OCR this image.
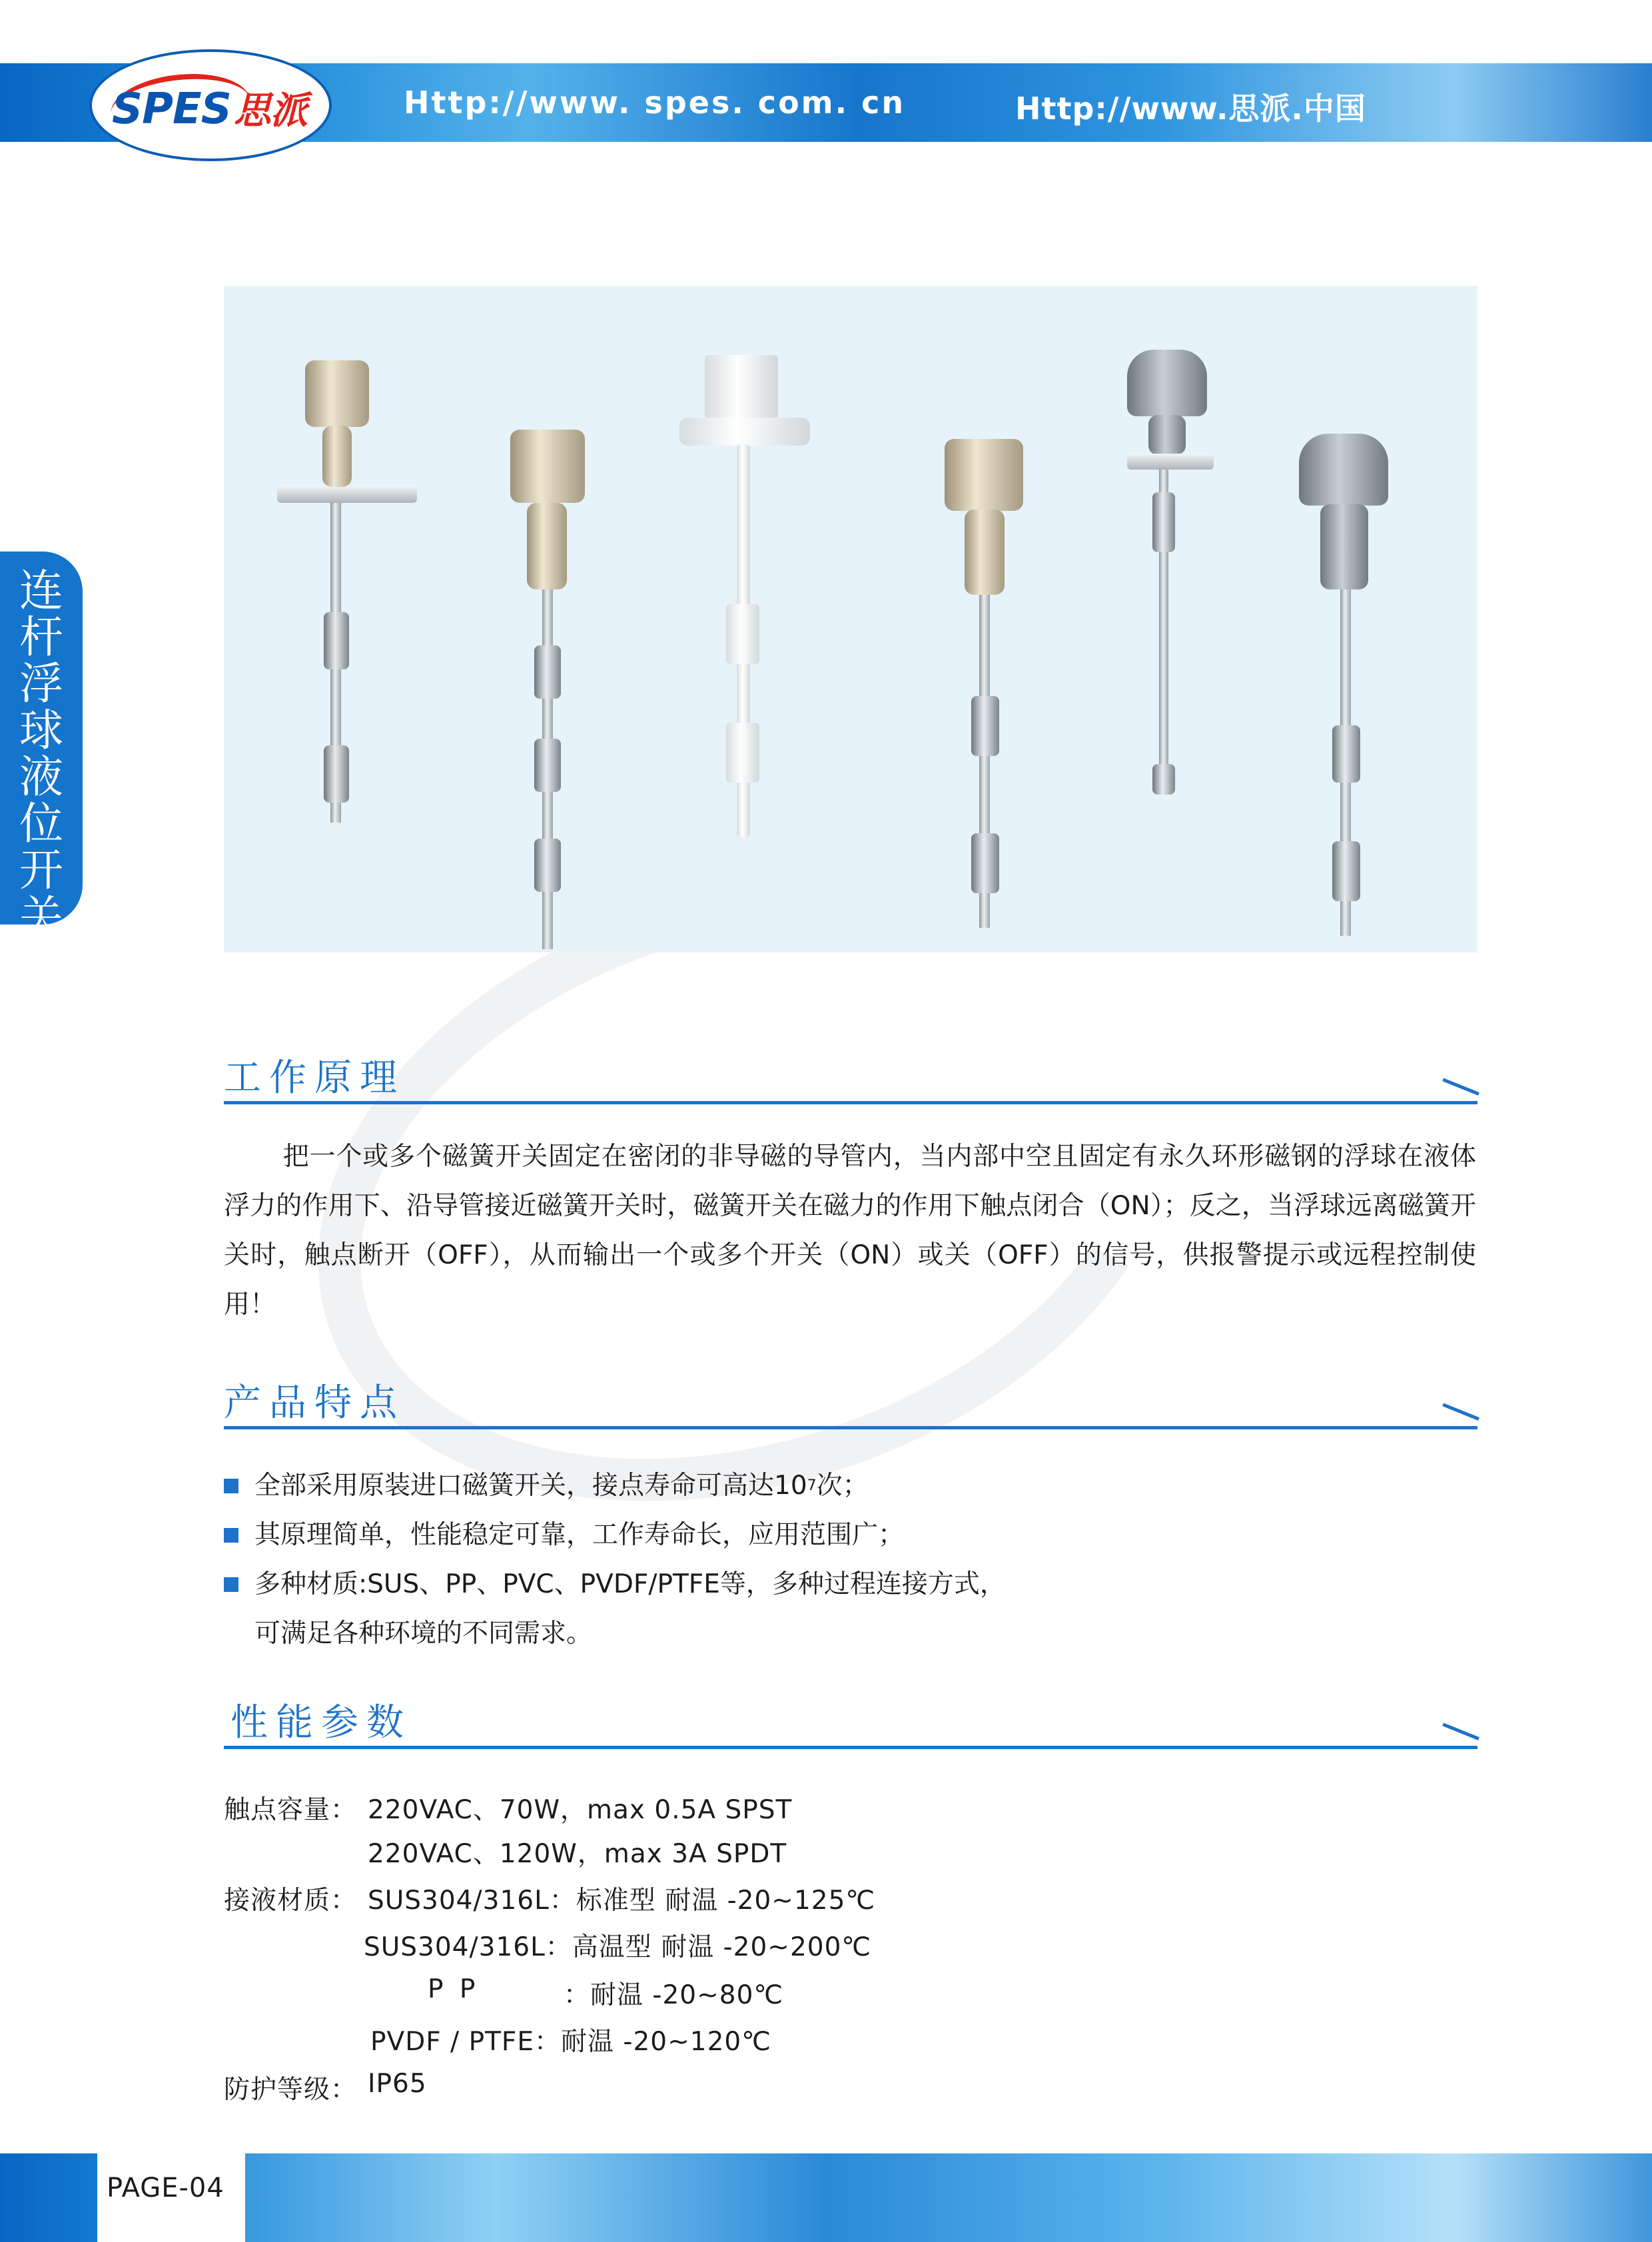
SPES思派	Http://www. spes. com. cn	Http://www.思派.中国
连杆浮球液位开关
工作原理
把一个或多个磁簧开关固定在密闭的非导磁的导管内，当内部中空且固定有永久环形磁钢的浮球在液体浮力的作用下、沿导管接近磁簧开关时，磁簧开关在磁力的作用下触点闭合（ON）；反之，当浮球远离磁簧开关时，触点断开（OFF），从而输出一个或多个开关（ON）或关（OFF）的信号，供报警提示或远程控制使用！
产品特点
全部采用原装进口磁簧开关，接点寿命可高达10 7 次；
其原理简单，性能稳定可靠，工作寿命长，应用范围广；
多种材质:SUS、PP、PVC、PVDF/PTFE等，多种过程连接方式，
可满足各种环境的不同需求。
性能参数
触点容量： 220VAC、70W，max 0.5A SPST
220VAC、120W，max 3A SPDT
接液材质： SUS304/316L：标准型 耐温 -20~125℃
SUS304/316L：高温型 耐温 -20~200℃
P P	：耐温 -20~80℃
PVDF / PTFE：耐温 -20~120℃
防护等级： IP65
PAGE-04
